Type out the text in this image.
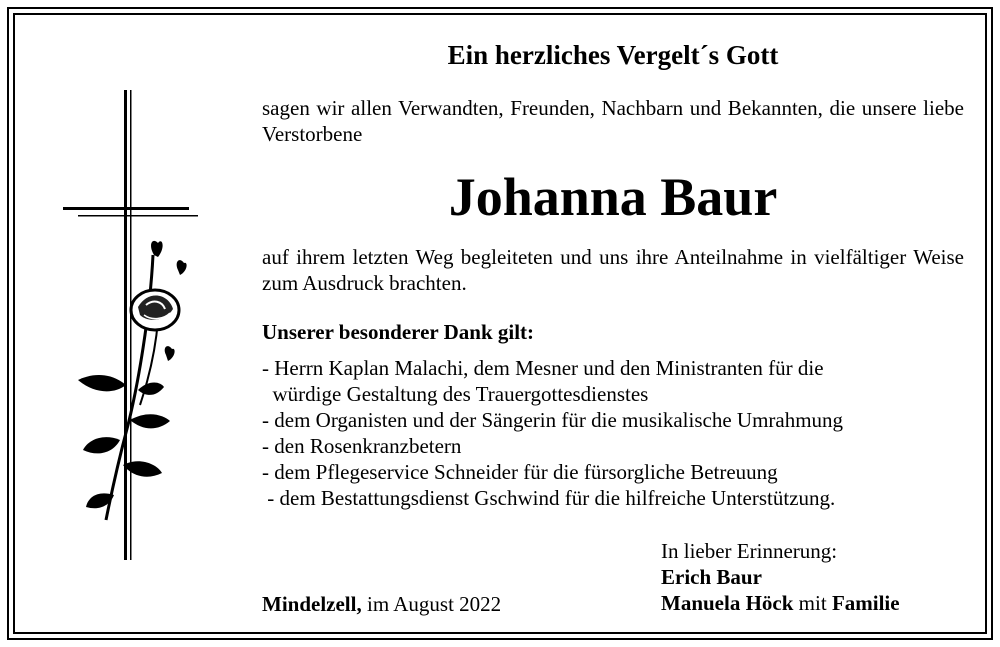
Ein herzliches Vergelt´s Gott

sagen wir allen Verwandten, Freunden, Nachbarn und Bekannten, die unsere liebe Verstorbene

Johanna Baur

auf ihrem letzten Weg begleiteten und uns ihre Anteilnahme in vielfältiger Weise zum Ausdruck brachten.

Unserer besonderer Dank gilt:

- Herrn Kaplan Malachi, dem Mesner und den Ministranten für die
würdige Gestaltung des Trauergottesdienstes
- dem Organisten und der Sängerin für die musikalische Umrahmung
- den Rosenkranzbetern
- dem Pflegeservice Schneider für die fürsorgliche Betreuung
- dem Bestattungsdienst Gschwind für die hilfreiche Unterstützung.

Mindelzell, im August 2022

In lieber Erinnerung:
Erich Baur
Manuela Höck mit Familie
